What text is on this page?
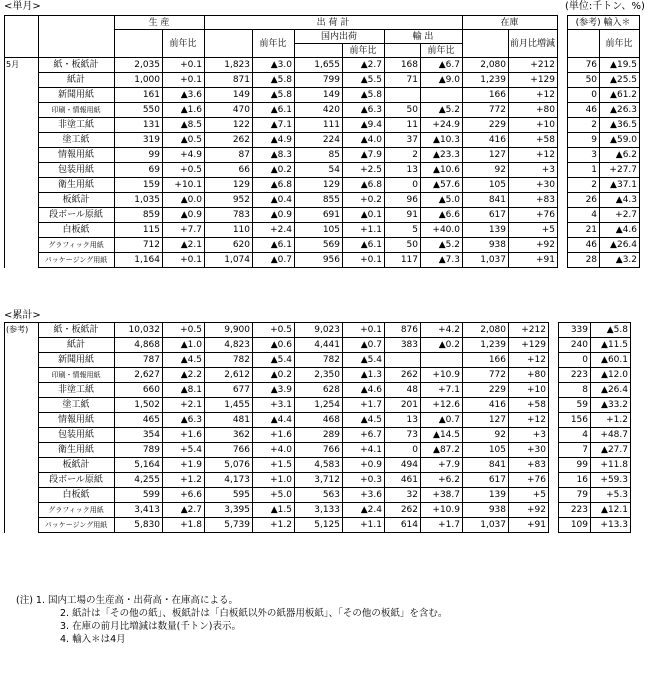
<単月>	(単位:千トン、%)
		生 産		出 荷 計						在庫			(参考) 輸入＊	
			前年比		前年比	国内出荷		輸 出			前月比増減			前年比
							前年比		前年比					
5月	紙・板紙計	2,035	+0.1	1,823	▲3.0	1,655	▲2.7	168	▲6.7	2,080	+212		76	▲19.5
	紙計	1,000	+0.1	871	▲5.8	799	▲5.5	71	▲9.0	1,239	+129		50	▲25.5
	新聞用紙	161	▲3.6	149	▲5.8	149	▲5.8			166	+12		0	▲61.2
	印刷・情報用紙	550	▲1.6	470	▲6.1	420	▲6.3	50	▲5.2	772	+80		46	▲26.3
	非塗工紙	131	▲8.5	122	▲7.1	111	▲9.4	11	+24.9	229	+10		2	▲36.5
	塗工紙	319	▲0.5	262	▲4.9	224	▲4.0	37	▲10.3	416	+58		9	▲59.0
	情報用紙	99	+4.9	87	▲8.3	85	▲7.9	2	▲23.3	127	+12		3	▲6.2
	包装用紙	69	+0.5	66	▲0.2	54	+2.5	13	▲10.6	92	+3		1	+27.7
	衛生用紙	159	+10.1	129	▲6.8	129	▲6.8	0	▲57.6	105	+30		2	▲37.1
	板紙計	1,035	▲0.0	952	▲0.4	855	+0.2	96	▲5.0	841	+83		26	▲4.3
	段ボール原紙	859	▲0.9	783	▲0.9	691	▲0.1	91	▲6.6	617	+76		4	+2.7
	白板紙	115	+7.7	110	+2.4	105	+1.1	5	+40.0	139	+5		21	▲4.6
	グラフィック用紙	712	▲2.1	620	▲6.1	569	▲6.1	50	▲5.2	938	+92		46	▲26.4
	パッケージング用紙	1,164	+0.1	1,074	▲0.7	956	+0.1	117	▲7.3	1,037	+91		28	▲3.2
<累計>
(参考)	紙・板紙計	10,032	+0.5	9,900	+0.5	9,023	+0.1	876	+4.2	2,080	+212		339	▲5.8
	紙計	4,868	▲1.0	4,823	▲0.6	4,441	▲0.7	383	▲0.2	1,239	+129		240	▲11.5
	新聞用紙	787	▲4.5	782	▲5.4	782	▲5.4			166	+12		0	▲60.1
	印刷・情報用紙	2,627	▲2.2	2,612	▲0.2	2,350	▲1.3	262	+10.9	772	+80		223	▲12.0
	非塗工紙	660	▲8.1	677	▲3.9	628	▲4.6	48	+7.1	229	+10		8	▲26.4
	塗工紙	1,502	+2.1	1,455	+3.1	1,254	+1.7	201	+12.6	416	+58		59	▲33.2
	情報用紙	465	▲6.3	481	▲4.4	468	▲4.5	13	▲0.7	127	+12		156	+1.2
	包装用紙	354	+1.6	362	+1.6	289	+6.7	73	▲14.5	92	+3		4	+48.7
	衛生用紙	789	+5.4	766	+4.0	766	+4.1	0	▲87.2	105	+30		7	▲27.7
	板紙計	5,164	+1.9	5,076	+1.5	4,583	+0.9	494	+7.9	841	+83		99	+11.8
	段ボール原紙	4,255	+1.2	4,173	+1.0	3,712	+0.3	461	+6.2	617	+76		16	+59.3
	白板紙	599	+6.6	595	+5.0	563	+3.6	32	+38.7	139	+5		79	+5.3
	グラフィック用紙	3,413	▲2.7	3,395	▲1.5	3,133	▲2.4	262	+10.9	938	+92		223	▲12.1
	パッケージング用紙	5,830	+1.8	5,739	+1.2	5,125	+1.1	614	+1.7	1,037	+91		109	+13.3
(注) 1. 国内工場の生産高・出荷高・在庫高による。
2. 紙計は「その他の紙」、板紙計は「白板紙以外の紙器用板紙」、「その他の板紙」を含む。
3. 在庫の前月比増減は数量(千トン)表示。
4. 輸入＊は4月
